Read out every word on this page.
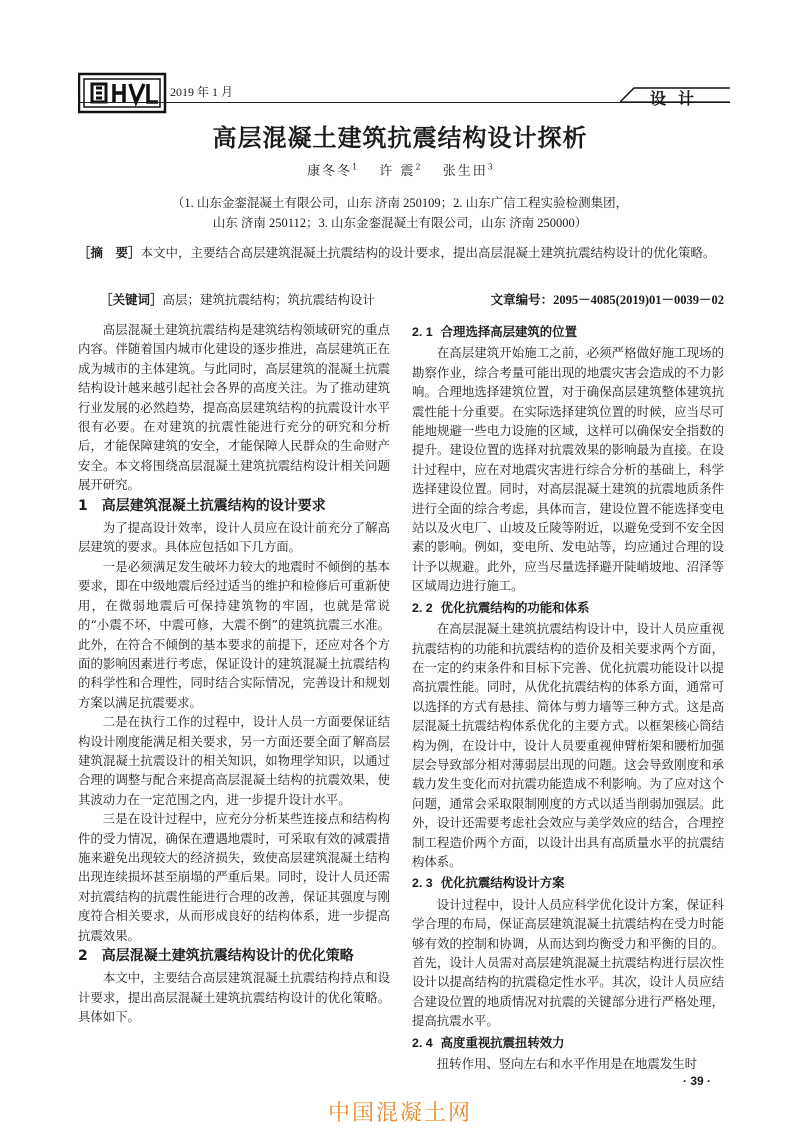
2019 年 1 月	设计
高层混凝土建筑抗震结构设计探析
康冬冬$^1$ 许 震$^2$ 张生田$^3$
（1. 山东金銮混凝土有限公司，山东 济南 250109；2. 山东广信工程实验检测集团，
山东 济南 250112；3. 山东金銮混凝土有限公司，山东 济南 250000）
［摘　要］本文中，主要结合高层建筑混凝土抗震结构的设计要求，提出高层混凝土建筑抗震结构设计的优化策略。
［关键词］高层；建筑抗震结构；筑抗震结构设计	文章编号：2095－4085(2019)01－0039－02

高层混凝土建筑抗震结构是建筑结构领域研究的重点内容。伴随着国内城市化建设的逐步推进，高层建筑正在成为城市的主体建筑。与此同时，高层建筑的混凝土抗震结构设计越来越引起社会各界的高度关注。为了推动建筑行业发展的必然趋势，提高高层建筑结构的抗震设计水平很有必要。在对建筑的抗震性能进行充分的研究和分析后，才能保障建筑的安全，才能保障人民群众的生命财产安全。本文将围绕高层混凝土建筑抗震结构设计相关问题展开研究。

1　高层建筑混凝土抗震结构的设计要求

为了提高设计效率，设计人员应在设计前充分了解高层建筑的要求。具体应包括如下几方面。

一是必须满足发生破坏力较大的地震时不倾倒的基本要求，即在中级地震后经过适当的维护和检修后可重新使用，在微弱地震后可保持建筑物的牢固，也就是常说的“小震不坏，中震可修，大震不倒”的建筑抗震三水准。此外，在符合不倾倒的基本要求的前提下，还应对各个方面的影响因素进行考虑，保证设计的建筑混凝土抗震结构的科学性和合理性，同时结合实际情况，完善设计和规划方案以满足抗震要求。

二是在执行工作的过程中，设计人员一方面要保证结构设计刚度能满足相关要求，另一方面还要全面了解高层建筑混凝土抗震设计的相关知识，如物理学知识，以通过合理的调整与配合来提高高层混凝土结构的抗震效果，使其波动力在一定范围之内，进一步提升设计水平。

三是在设计过程中，应充分分析某些连接点和结构构件的受力情况，确保在遭遇地震时，可采取有效的减震措施来避免出现较大的经济损失，致使高层建筑混凝土结构出现连续损坏甚至崩塌的严重后果。同时，设计人员还需对抗震结构的抗震性能进行合理的改善，保证其强度与刚度符合相关要求，从而形成良好的结构体系，进一步提高抗震效果。

2　高层混凝土建筑抗震结构设计的优化策略

本文中，主要结合高层建筑混凝土抗震结构持点和设计要求，提出高层混凝土建筑抗震结构设计的优化策略。具体如下。

2. 1 合理选择高层建筑的位置

在高层建筑开始施工之前，必须严格做好施工现场的勘察作业，综合考量可能出现的地震灾害会造成的不力影响。合理地选择建筑位置，对于确保高层建筑整体建筑抗震性能十分重要。在实际选择建筑位置的时候，应当尽可能地规避一些电力设施的区域，这样可以确保安全指数的提升。建设位置的选择对抗震效果的影响最为直接。在设计过程中，应在对地震灾害进行综合分析的基础上，科学选择建设位置。同时，对高层混凝土建筑的抗震地质条件进行全面的综合考虑，具体而言，建设位置不能选择变电站以及火电厂、山坡及丘陵等附近，以避免受到不安全因素的影响。例如，变电所、发电站等，均应通过合理的设计予以规避。此外，应当尽量选择避开陡峭坡地、沼泽等区域周边进行施工。

2. 2 优化抗震结构的功能和体系

在高层混凝土建筑抗震结构设计中，设计人员应重视抗震结构的功能和抗震结构的造价及相关要求两个方面，在一定的约束条件和目标下完善、优化抗震功能设计以提高抗震性能。同时，从优化抗震结构的体系方面，通常可以选择的方式有悬挂、简体与剪力墙等三种方式。这是高层混凝土抗震结构体系优化的主要方式。以框架核心筒结构为例，在设计中，设计人员要重视伸臂桁架和腰桁加强层会导致部分相对薄弱层出现的问题。这会导致刚度和承载力发生变化而对抗震功能造成不利影响。为了应对这个问题，通常会采取限制刚度的方式以适当削弱加强层。此外，设计还需要考虑社会效应与美学效应的结合，合理控制工程造价两个方面，以设计出具有高质量水平的抗震结构体系。

2. 3 优化抗震结构设计方案

设计过程中，设计人员应科学优化设计方案，保证科学合理的布局，保证高层建筑混凝土抗震结构在受力时能够有效的控制和协调，从而达到均衡受力和平衡的目的。首先，设计人员需对高层建筑混凝土抗震结构进行层次性设计以提高结构的抗震稳定性水平。其次，设计人员应结合建设位置的地质情况对抗震的关键部分进行严格处理，提高抗震水平。

2. 4 高度重视抗震扭转效力

扭转作用、竖向左右和水平作用是在地震发生时

· 39 ·
中国混凝土网
